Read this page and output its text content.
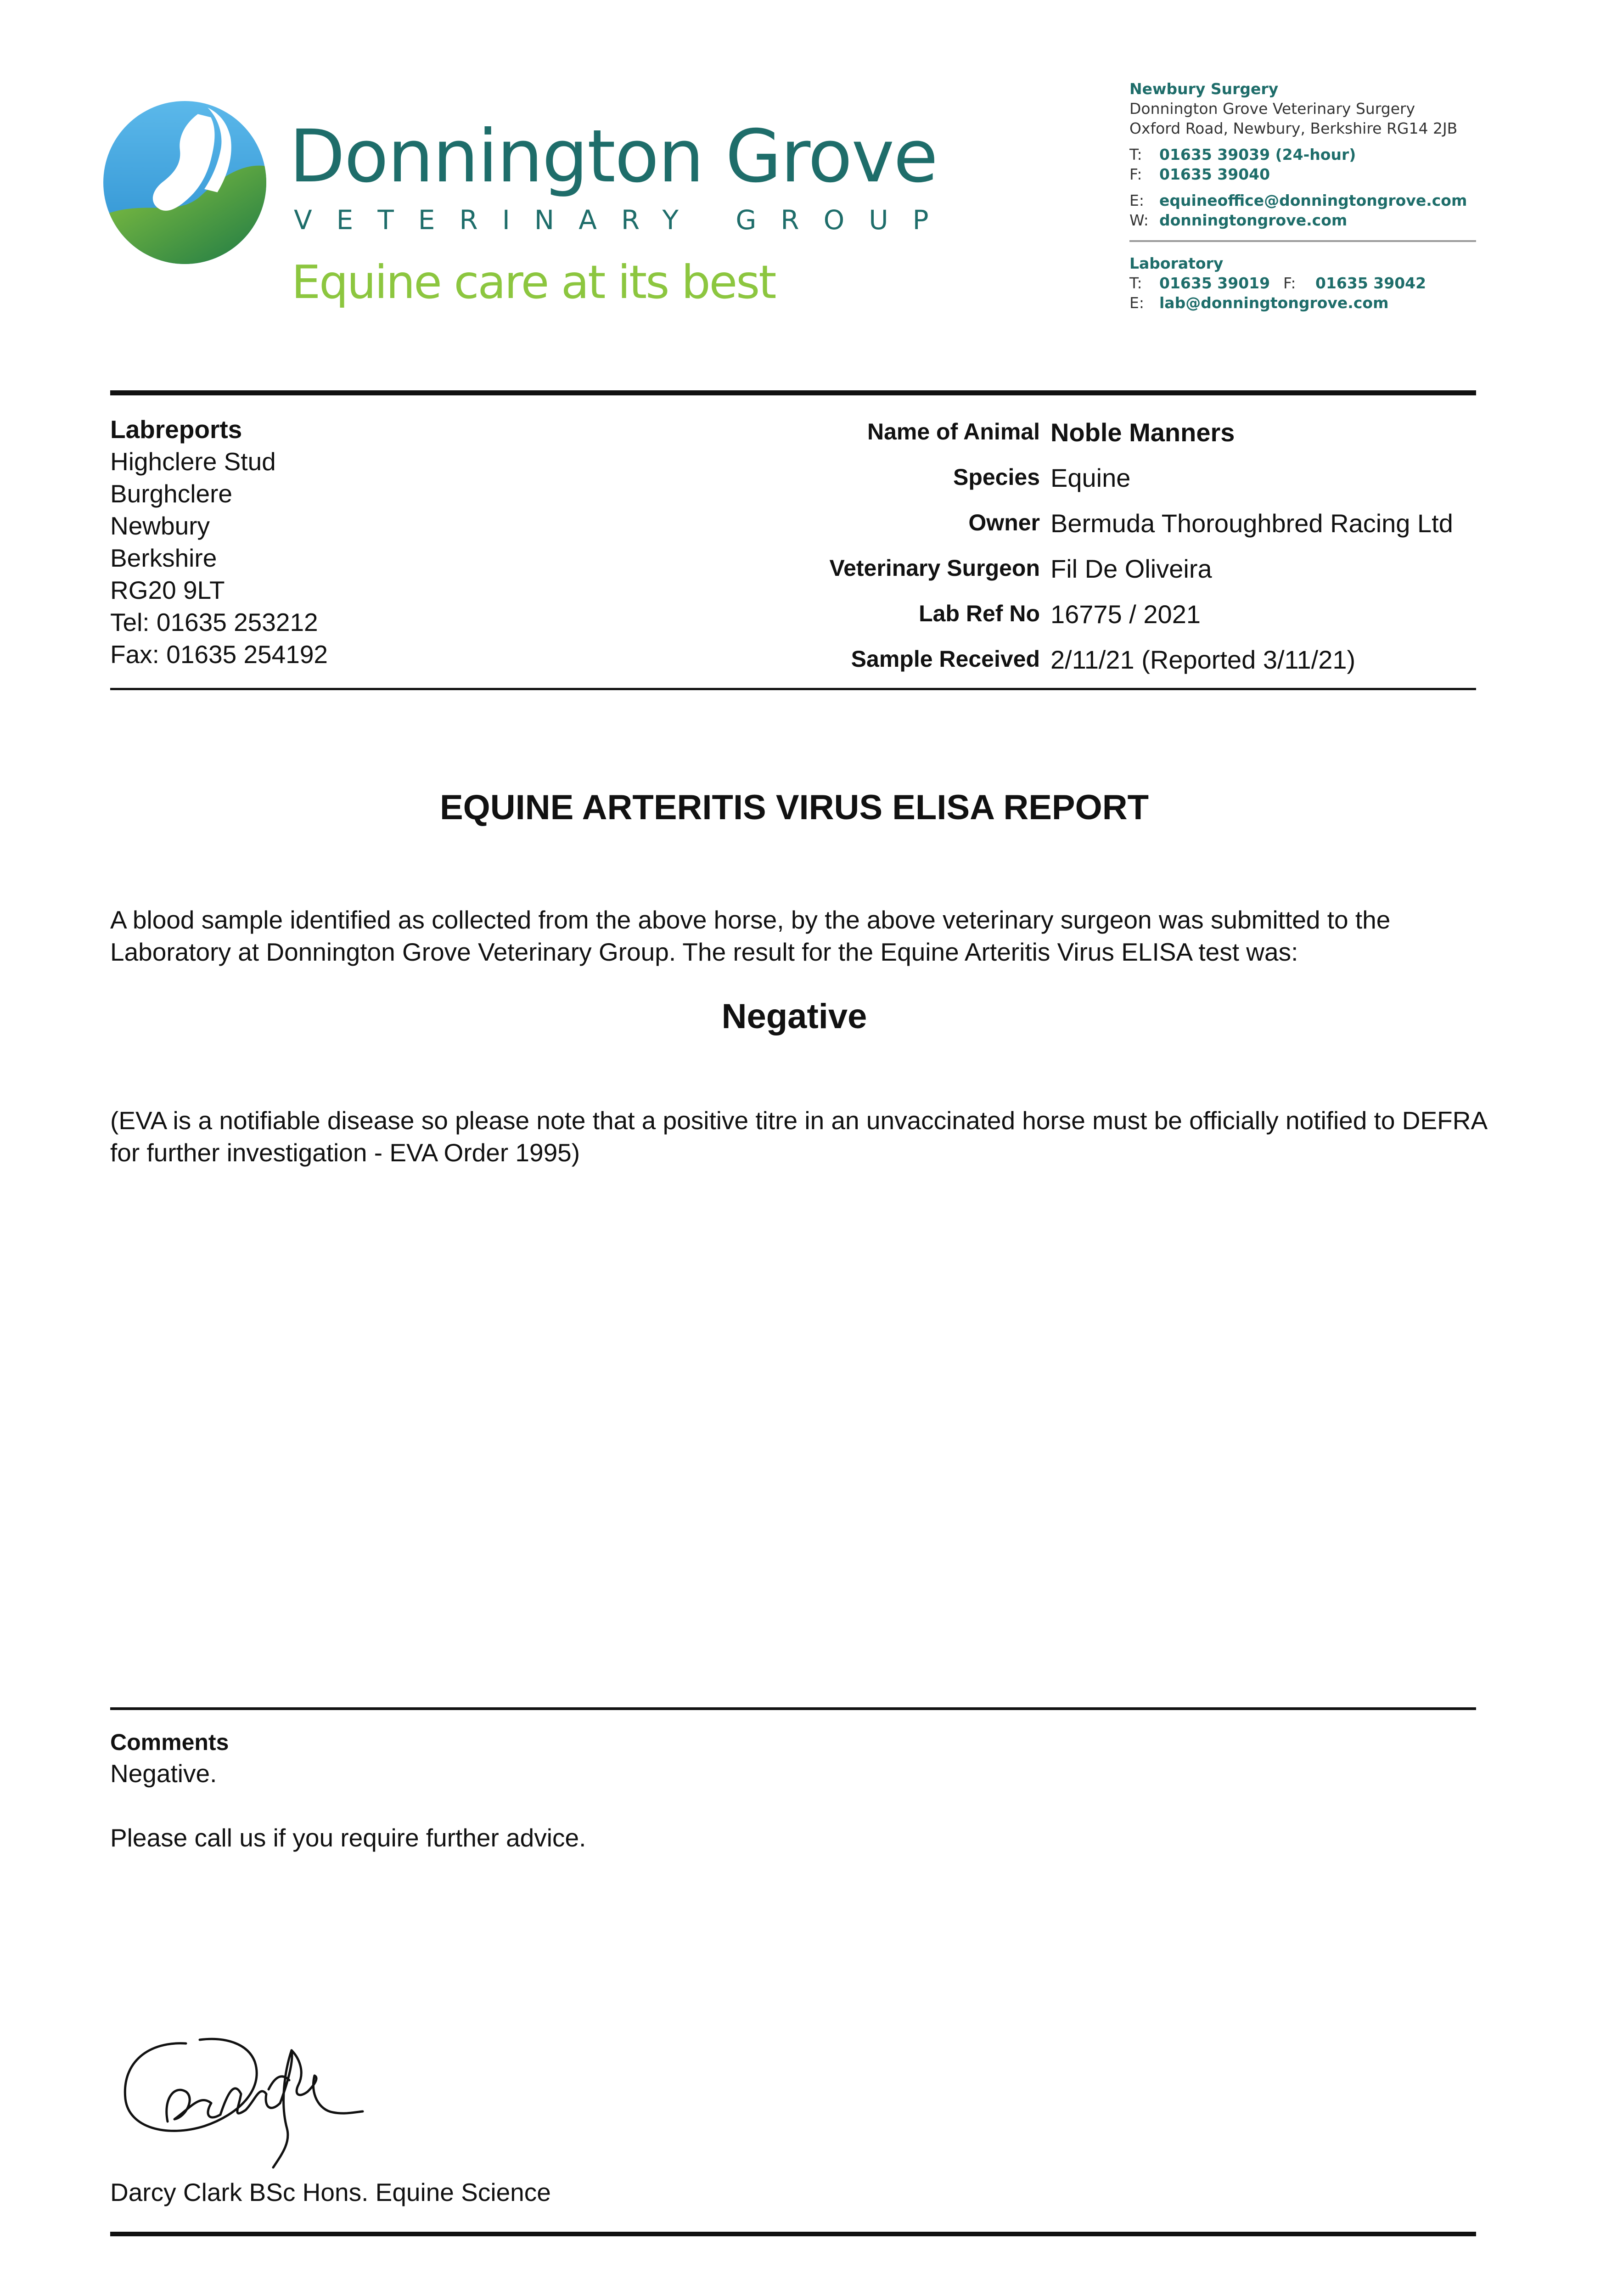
Donnington Grove
VETERINARY GROUP
Equine care at its best
Newbury Surgery
Donnington Grove Veterinary Surgery
Oxford Road, Newbury, Berkshire RG14 2JB
T: 01635 39039 (24-hour)
F: 01635 39040
E: equineoffice@donningtongrove.com
W: donningtongrove.com
Laboratory
T: 01635 39019 F: 01635 39042
E: lab@donningtongrove.com
Labreports
Highclere Stud
Burghclere
Newbury
Berkshire
RG20 9LT
Tel: 01635 253212
Fax: 01635 254192
Name of Animal Noble Manners
Species Equine
Owner Bermuda Thoroughbred Racing Ltd
Veterinary Surgeon Fil De Oliveira
Lab Ref No 16775 / 2021
Sample Received 2/11/21 (Reported 3/11/21)
EQUINE ARTERITIS VIRUS ELISA REPORT
A blood sample identified as collected from the above horse, by the above veterinary surgeon was submitted to the Laboratory at Donnington Grove Veterinary Group. The result for the Equine Arteritis Virus ELISA test was:
Negative
(EVA is a notifiable disease so please note that a positive titre in an unvaccinated horse must be officially notified to DEFRA for further investigation - EVA Order 1995)
Comments
Negative.
Please call us if you require further advice.
Darcy Clark BSc Hons. Equine Science
